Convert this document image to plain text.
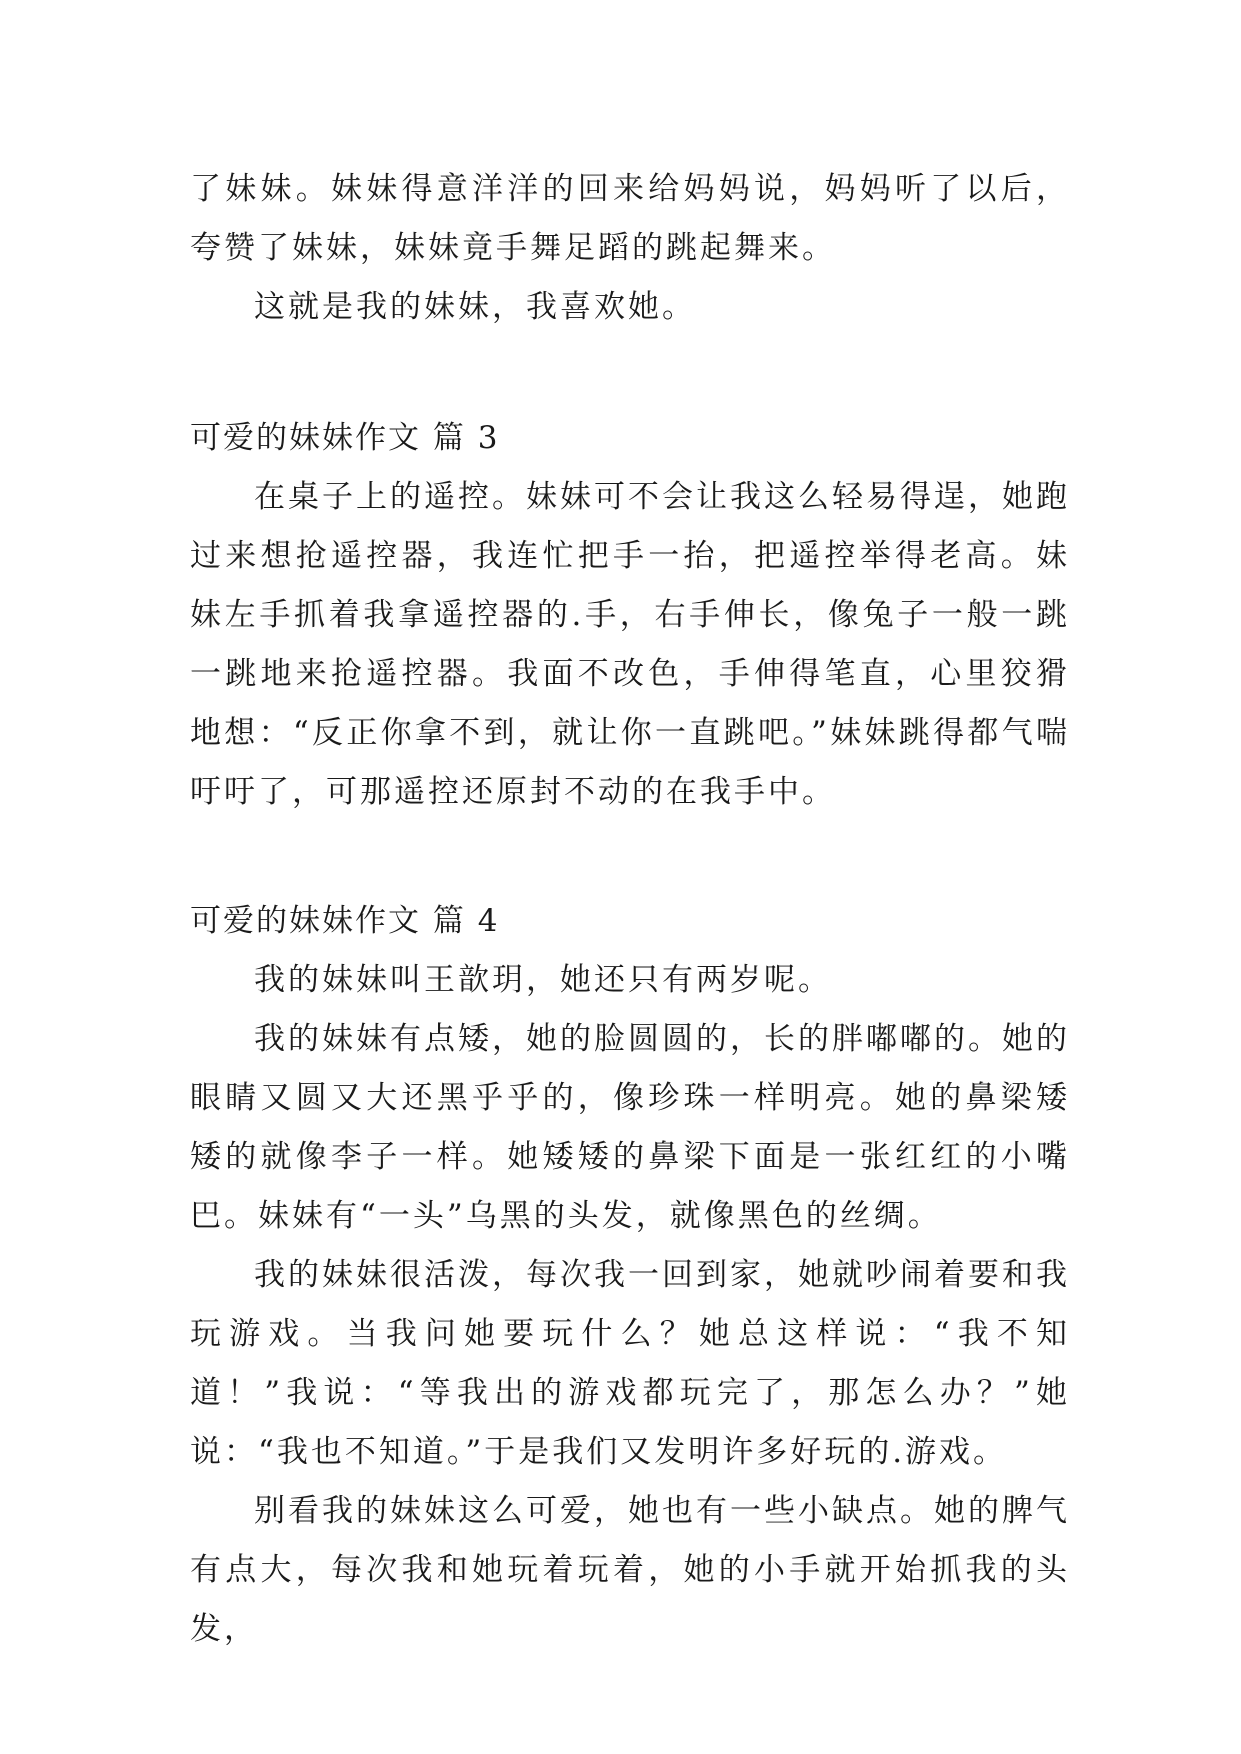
了妹妹。妹妹得意洋洋的回来给妈妈说，妈妈听了以后，夸赞了妹妹，妹妹竟手舞足蹈的跳起舞来。

这就是我的妹妹，我喜欢她。

可爱的妹妹作文 篇 3

在桌子上的遥控。妹妹可不会让我这么轻易得逞，她跑过来想抢遥控器，我连忙把手一抬，把遥控举得老高。妹妹左手抓着我拿遥控器的.手，右手伸长，像兔子一般一跳一跳地来抢遥控器。我面不改色，手伸得笔直，心里狡猾地想：“反正你拿不到，就让你一直跳吧。”妹妹跳得都气喘吁吁了，可那遥控还原封不动的在我手中。

可爱的妹妹作文 篇 4

我的妹妹叫王歆玥，她还只有两岁呢。

我的妹妹有点矮，她的脸圆圆的，长的胖嘟嘟的。她的眼睛又圆又大还黑乎乎的，像珍珠一样明亮。她的鼻梁矮矮的就像李子一样。她矮矮的鼻梁下面是一张红红的小嘴巴。妹妹有“一头”乌黑的头发，就像黑色的丝绸。

我的妹妹很活泼，每次我一回到家，她就吵闹着要和我玩游戏。当我问她要玩什么？她总这样说：“我不知道！”我说：“等我出的游戏都玩完了，那怎么办？”她说：“我也不知道。”于是我们又发明许多好玩的.游戏。

别看我的妹妹这么可爱，她也有一些小缺点。她的脾气有点大，每次我和她玩着玩着，她的小手就开始抓我的头发，
